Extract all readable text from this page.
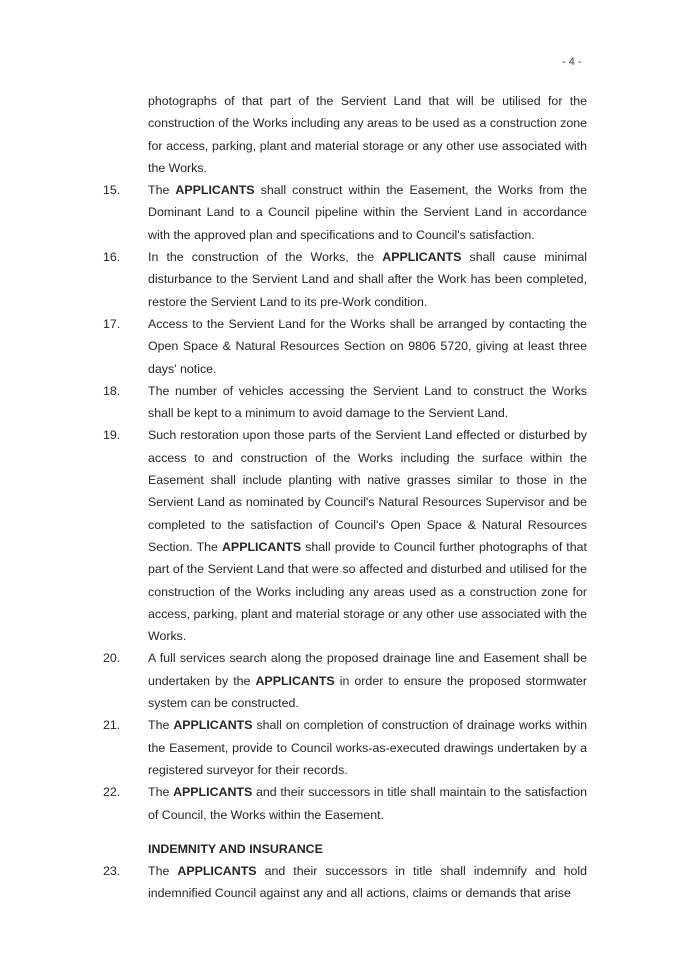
- 4 -
photographs of that part of the Servient Land that will be utilised for the construction of the Works including any areas to be used as a construction zone for access, parking, plant and material storage or any other use associated with the Works.
15.	The APPLICANTS shall construct within the Easement, the Works from the Dominant Land to a Council pipeline within the Servient Land in accordance with the approved plan and specifications and to Council's satisfaction.
16.	In the construction of the Works, the APPLICANTS shall cause minimal disturbance to the Servient Land and shall after the Work has been completed, restore the Servient Land to its pre-Work condition.
17.	Access to the Servient Land for the Works shall be arranged by contacting the Open Space & Natural Resources Section on 9806 5720, giving at least three days' notice.
18.	The number of vehicles accessing the Servient Land to construct the Works shall be kept to a minimum to avoid damage to the Servient Land.
19.	Such restoration upon those parts of the Servient Land effected or disturbed by access to and construction of the Works including the surface within the Easement shall include planting with native grasses similar to those in the Servient Land as nominated by Council's Natural Resources Supervisor and be completed to the satisfaction of Council's Open Space & Natural Resources Section. The APPLICANTS shall provide to Council further photographs of that part of the Servient Land that were so affected and disturbed and utilised for the construction of the Works including any areas used as a construction zone for access, parking, plant and material storage or any other use associated with the Works.
20.	A full services search along the proposed drainage line and Easement shall be undertaken by the APPLICANTS in order to ensure the proposed stormwater system can be constructed.
21.	The APPLICANTS shall on completion of construction of drainage works within the Easement, provide to Council works-as-executed drawings undertaken by a registered surveyor for their records.
22.	The APPLICANTS and their successors in title shall maintain to the satisfaction of Council, the Works within the Easement.
INDEMNITY AND INSURANCE
23.	The APPLICANTS and their successors in title shall indemnify and hold indemnified Council against any and all actions, claims or demands that arise
